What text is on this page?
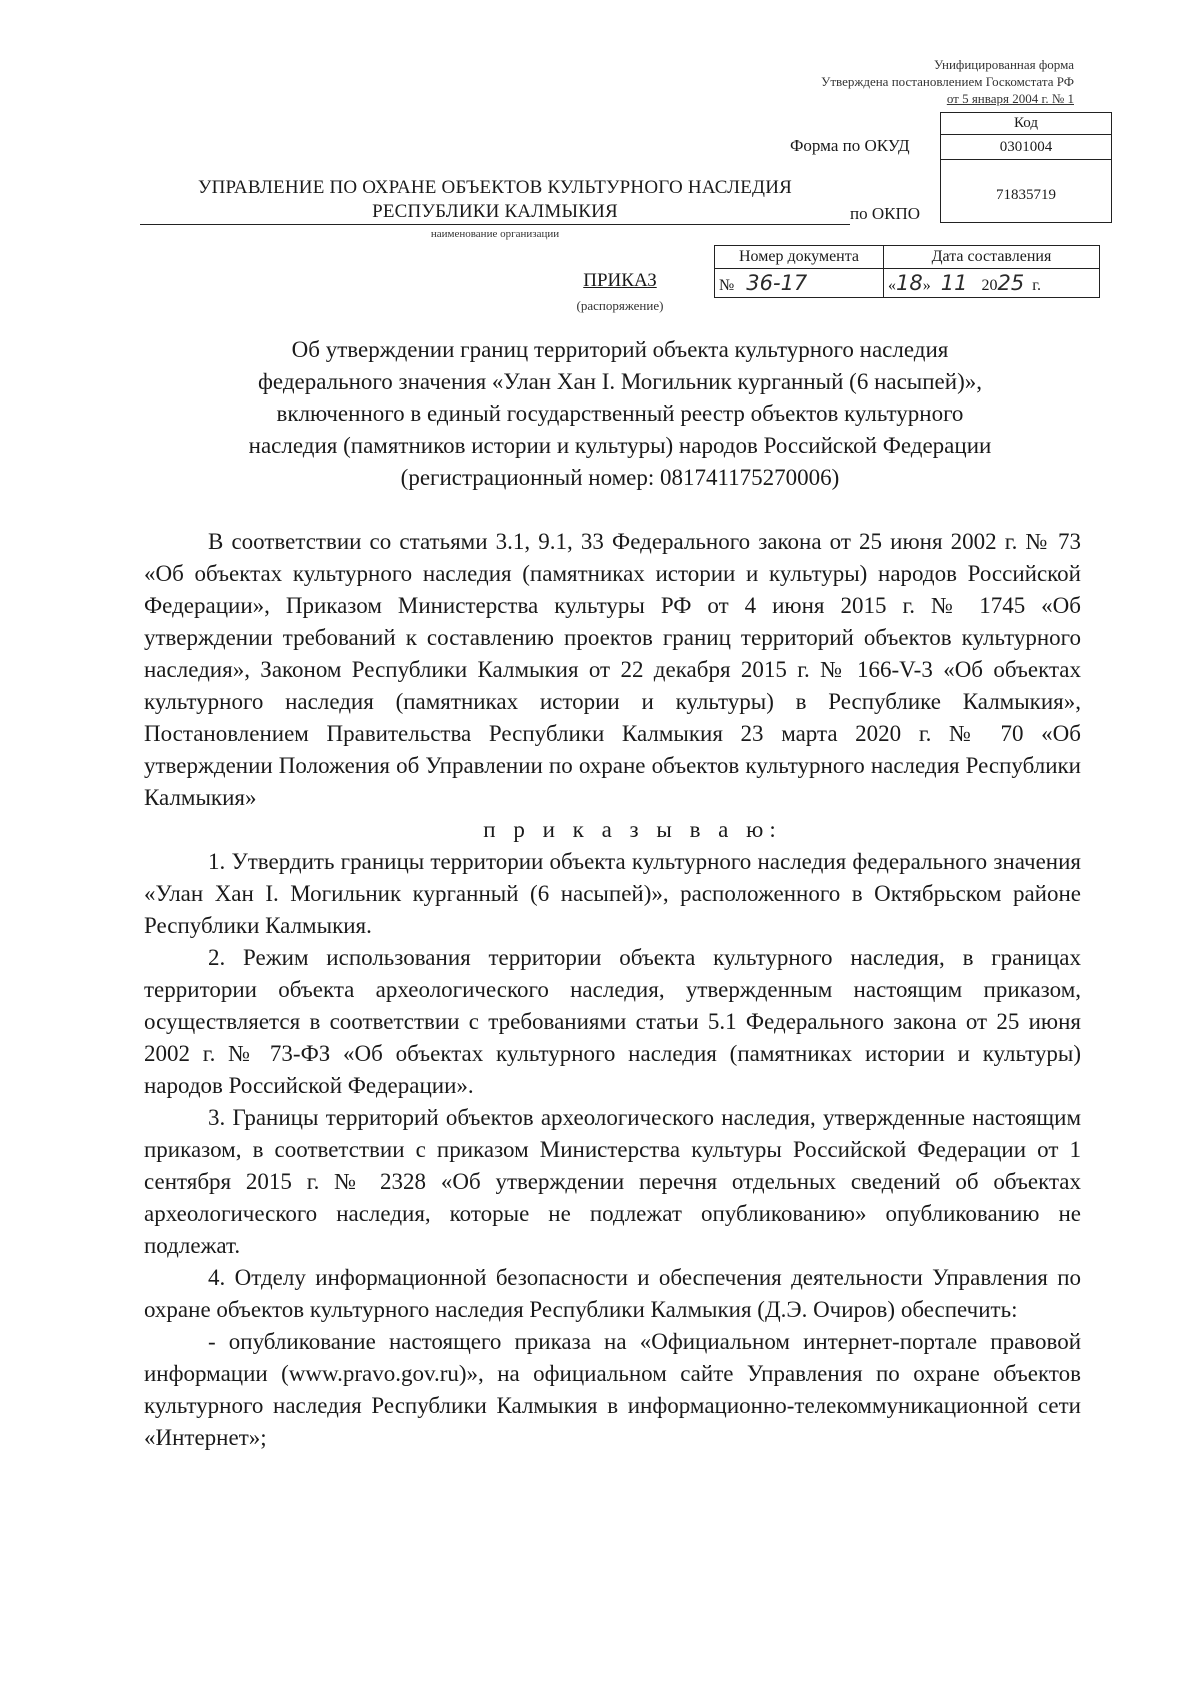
Унифицированная форма
Утверждена постановлением Госкомстата РФ
от 5 января 2004 г. № 1
Код
0301004
71835719
Форма по ОКУД
по ОКПО
УПРАВЛЕНИЕ ПО ОХРАНЕ ОБЪЕКТОВ КУЛЬТУРНОГО НАСЛЕДИЯ
РЕСПУБЛИКИ КАЛМЫКИЯ
наименование организации
Номер документа	Дата составления
№ 36-17	«18» 11 2025 г.
ПРИКАЗ
(распоряжение)
Об утверждении границ территорий объекта культурного наследия
федерального значения «Улан Хан I. Могильник курганный (6 насыпей)»,
включенного в единый государственный реестр объектов культурного
наследия (памятников истории и культуры) народов Российской Федерации
(регистрационный номер: 081741175270006)

В соответствии со статьями 3.1, 9.1, 33 Федерального закона от 25 июня 2002 г. № 73 «Об объектах культурного наследия (памятниках истории и культуры) народов Российской Федерации», Приказом Министерства культуры РФ от 4 июня 2015 г. № 1745 «Об утверждении требований к составлению проектов границ территорий объектов культурного наследия», Законом Республики Калмыкия от 22 декабря 2015 г. № 166-V-3 «Об объектах культурного наследия (памятниках истории и культуры) в Республике Калмыкия», Постановлением Правительства Республики Калмыкия 23 марта 2020 г. № 70 «Об утверждении Положения об Управлении по охране объектов культурного наследия Республики Калмыкия»

п р и к а з ы в а ю:

1. Утвердить границы территории объекта культурного наследия федерального значения «Улан Хан I. Могильник курганный (6 насыпей)», расположенного в Октябрьском районе Республики Калмыкия.

2. Режим использования территории объекта культурного наследия, в границах территории объекта археологического наследия, утвержденным настоящим приказом, осуществляется в соответствии с требованиями статьи 5.1 Федерального закона от 25 июня 2002 г. № 73-ФЗ «Об объектах культурного наследия (памятниках истории и культуры) народов Российской Федерации».

3. Границы территорий объектов археологического наследия, утвержденные настоящим приказом, в соответствии с приказом Министерства культуры Российской Федерации от 1 сентября 2015 г. № 2328 «Об утверждении перечня отдельных сведений об объектах археологического наследия, которые не подлежат опубликованию» опубликованию не подлежат.

4. Отделу информационной безопасности и обеспечения деятельности Управления по охране объектов культурного наследия Республики Калмыкия (Д.Э. Очиров) обеспечить:

- опубликование настоящего приказа на «Официальном интернет-портале правовой информации (www.pravo.gov.ru)», на официальном сайте Управления по охране объектов культурного наследия Республики Калмыкия в информационно-телекоммуникационной сети «Интернет»;
